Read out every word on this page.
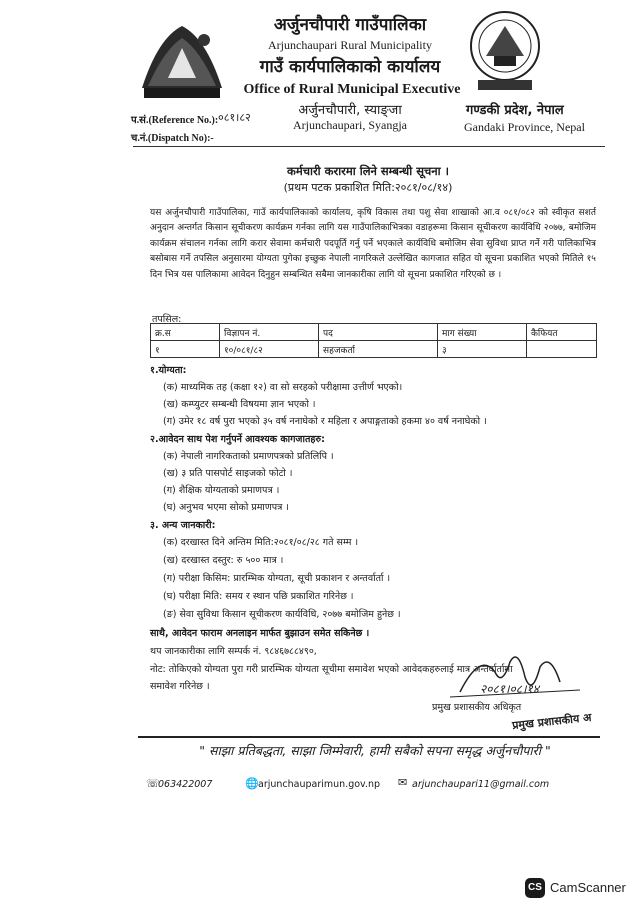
अर्जुनचौपारी गाउँपालिका
Arjunchaupari Rural Municipality
गाउँ कार्यपालिकाको कार्यालय
Office of Rural Municipal Executive
अर्जुनचौपारी, स्याङ्जा
Arjunchaupari, Syangja
गण्डकी प्रदेश, नेपाल
Gandaki Province, Nepal
प.सं.(Reference No.): ०८१।८२
च.नं.(Dispatch No):-
कर्मचारी करारमा लिने सम्बन्धी सूचना ।
(प्रथम पटक प्रकाशित मिति:२०८१/०८/१४)
यस अर्जुनचौपारी गाउँपालिका, गाउँ कार्यपालिकाको कार्यालय, कृषि विकास तथा पशु सेवा शाखाको आ.व ०८१/०८२ को स्वीकृत सशर्त अनुदान अन्तर्गत किसान सूचीकरण कार्यक्रम गर्नका लागि यस गाउँपालिकाभित्रका वडाहरूमा किसान सूचीकरण कार्यविधि २०७७, बमोजिम कार्यक्रम संचालन गर्नका लागि करार सेवामा कर्मचारी पदपूर्ति गर्नु पर्ने भएकाले कार्यविधि बमोजिम सेवा सुविधा प्राप्त गर्ने गरी पालिकाभित्र बसोबास गर्ने तपसिल अनुसारमा योग्यता पुगेका इच्छुक नेपाली नागरिकले उल्लेखित कागजात सहित यो सूचना प्रकाशित भएको मितिले १५ दिन भित्र यस पालिकामा आवेदन दिनुहुन सम्बन्धित सबैमा जानकारीका लागि यो सूचना प्रकाशित गरिएको छ ।
तपसिल:
क्र.स	विज्ञापन नं.	पद	माग संख्या	कैफियत
१	१०/०८१/८२	सहजकर्ता	३	
१.योग्यता:
(क) माध्यमिक तह (कक्षा १२) वा सो सरहको परीक्षामा उत्तीर्ण भएको।
(ख) कम्प्युटर सम्बन्धी विषयमा ज्ञान भएको ।
(ग) उमेर १८ वर्ष पुरा भएको ३५ वर्ष ननाघेको र महिला र अपाङ्गताको हकमा ४० वर्ष ननाघेको ।
२.आवेदन साथ पेश गर्नुपर्ने आवश्यक कागजातहरु:
(क) नेपाली नागरिकताको प्रमाणपत्रको प्रतिलिपि ।
(ख) ३ प्रति पासपोर्ट साइजको फोटो ।
(ग) शैक्षिक योग्यताको प्रमाणपत्र ।
(घ) अनुभव भएमा सोको प्रमाणपत्र ।
३. अन्य जानकारी:
(क) दरखास्त दिने अन्तिम मिति:२०८१/०८/२८ गते सम्म ।
(ख) दरखास्त दस्तुर: रु ५०० मात्र ।
(ग) परीक्षा किसिम: प्रारम्भिक योग्यता, सूची प्रकाशन र अन्तर्वार्ता ।
(घ) परीक्षा मिति: समय र स्थान पछि प्रकाशित गरिनेछ ।
(ङ) सेवा सुविधा किसान सूचीकरण कार्यविधि, २०७७ बमोजिम हुनेछ ।
साथै, आवेदन फाराम अनलाइन मार्फत बुझाउन समेत सकिनेछ ।
थप जानकारीका लागि सम्पर्क नं. ९८४६७८८४९०,
नोट: तोकिएको योग्यता पुरा गरी प्रारम्भिक योग्यता सूचीमा समावेश भएको आवेदकहरुलाई मात्र अन्तर्वार्तामा
समावेश गरिनेछ ।	२०८१।०८।१४
प्रमुख प्रशासकीय अधिकृत
प्रमुख प्रशासकीय अ
" साझा प्रतिबद्धता, साझा जिम्मेवारी, हामी सबैको सपना समृद्ध अर्जुनचौपारी "
☏
063422007	🌐 arjunchauparimun.gov.np ✉ arjunchaupari11@gmail.com
CS CamScanner
